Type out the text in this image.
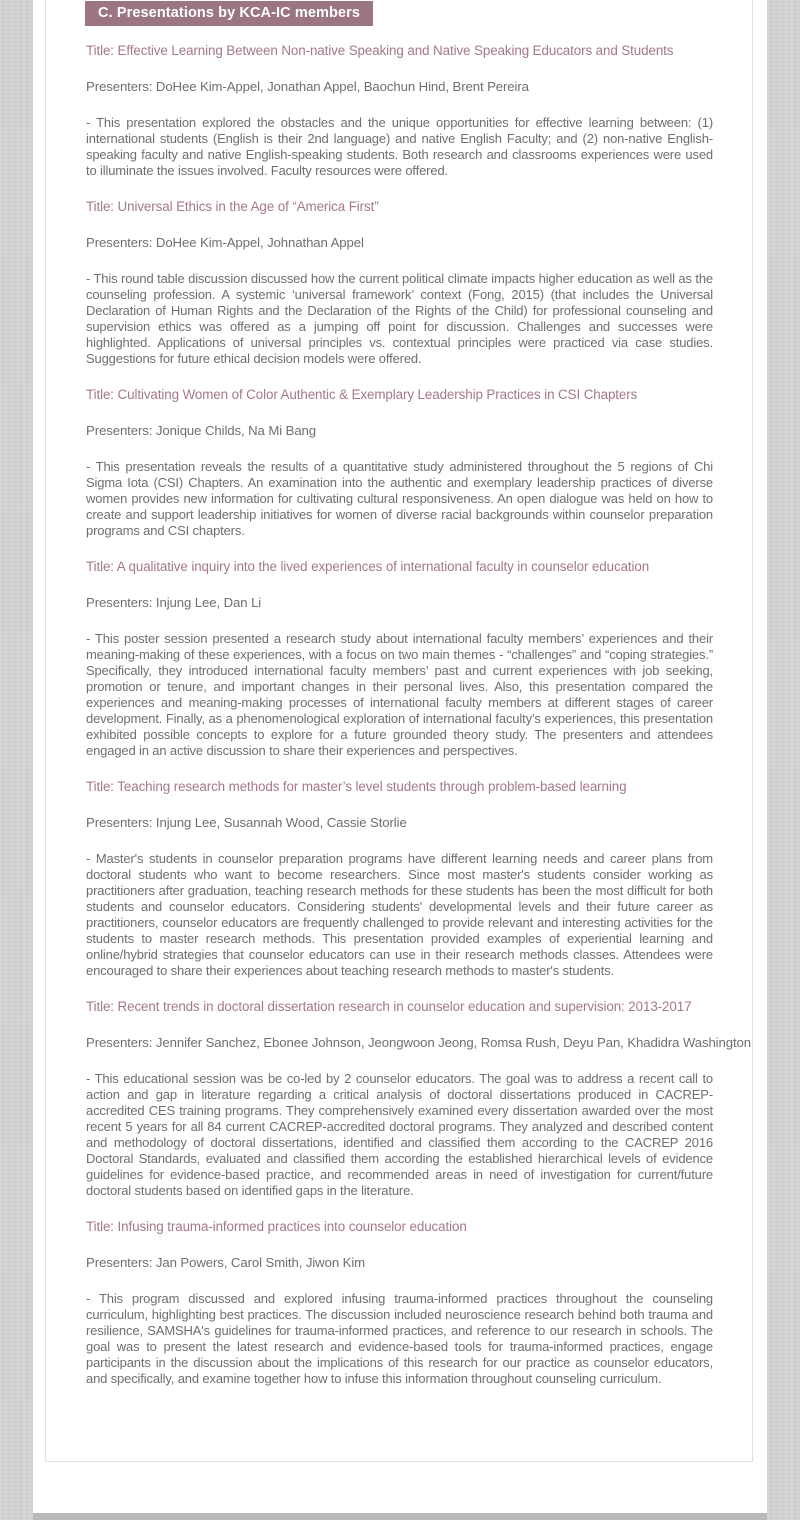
C. Presentations by KCA-IC members

Title: Effective Learning Between Non-native Speaking and Native Speaking Educators and Students

Presenters: DoHee Kim-Appel, Jonathan Appel, Baochun Hind, Brent Pereira

- This presentation explored the obstacles and the unique opportunities for effective learning between: (1) international students (English is their 2nd language) and native English Faculty; and (2) non-native English-speaking faculty and native English-speaking students. Both research and classrooms experiences were used to illuminate the issues involved. Faculty resources were offered.

Title: Universal Ethics in the Age of “America First”

Presenters: DoHee Kim-Appel, Johnathan Appel

- This round table discussion discussed how the current political climate impacts higher education as well as the counseling profession. A systemic ‘universal framework’ context (Fong, 2015) (that includes the Universal Declaration of Human Rights and the Declaration of the Rights of the Child) for professional counseling and supervision ethics was offered as a jumping off point for discussion. Challenges and successes were highlighted. Applications of universal principles vs. contextual principles were practiced via case studies. Suggestions for future ethical decision models were offered.

Title: Cultivating Women of Color Authentic & Exemplary Leadership Practices in CSI Chapters

Presenters: Jonique Childs, Na Mi Bang

- This presentation reveals the results of a quantitative study administered throughout the 5 regions of Chi Sigma Iota (CSI) Chapters. An examination into the authentic and exemplary leadership practices of diverse women provides new information for cultivating cultural responsiveness. An open dialogue was held on how to create and support leadership initiatives for women of diverse racial backgrounds within counselor preparation programs and CSI chapters.

Title: A qualitative inquiry into the lived experiences of international faculty in counselor education

Presenters: Injung Lee, Dan Li

- This poster session presented a research study about international faculty members’ experiences and their meaning-making of these experiences, with a focus on two main themes - “challenges” and “coping strategies.” Specifically, they introduced international faculty members’ past and current experiences with job seeking, promotion or tenure, and important changes in their personal lives. Also, this presentation compared the experiences and meaning-making processes of international faculty members at different stages of career development. Finally, as a phenomenological exploration of international faculty’s experiences, this presentation exhibited possible concepts to explore for a future grounded theory study. The presenters and attendees engaged in an active discussion to share their experiences and perspectives.

Title: Teaching research methods for master’s level students through problem-based learning

Presenters: Injung Lee, Susannah Wood, Cassie Storlie

- Master's students in counselor preparation programs have different learning needs and career plans from doctoral students who want to become researchers. Since most master's students consider working as practitioners after graduation, teaching research methods for these students has been the most difficult for both students and counselor educators. Considering students' developmental levels and their future career as practitioners, counselor educators are frequently challenged to provide relevant and interesting activities for the students to master research methods. This presentation provided examples of experiential learning and online/hybrid strategies that counselor educators can use in their research methods classes. Attendees were encouraged to share their experiences about teaching research methods to master's students.

Title: Recent trends in doctoral dissertation research in counselor education and supervision: 2013-2017

Presenters: Jennifer Sanchez, Ebonee Johnson, Jeongwoon Jeong, Romsa Rush, Deyu Pan, Khadidra Washington

- This educational session was be co-led by 2 counselor educators. The goal was to address a recent call to action and gap in literature regarding a critical analysis of doctoral dissertations produced in CACREP-accredited CES training programs. They comprehensively examined every dissertation awarded over the most recent 5 years for all 84 current CACREP-accredited doctoral programs. They analyzed and described content and methodology of doctoral dissertations, identified and classified them according to the CACREP 2016 Doctoral Standards, evaluated and classified them according the established hierarchical levels of evidence guidelines for evidence-based practice, and recommended areas in need of investigation for current/future doctoral students based on identified gaps in the literature.

Title: Infusing trauma-informed practices into counselor education

Presenters: Jan Powers, Carol Smith, Jiwon Kim

- This program discussed and explored infusing trauma-informed practices throughout the counseling curriculum, highlighting best practices. The discussion included neuroscience research behind both trauma and resilience, SAMSHA's guidelines for trauma-informed practices, and reference to our research in schools. The goal was to present the latest research and evidence-based tools for trauma-informed practices, engage participants in the discussion about the implications of this research for our practice as counselor educators, and specifically, and examine together how to infuse this information throughout counseling curriculum.
